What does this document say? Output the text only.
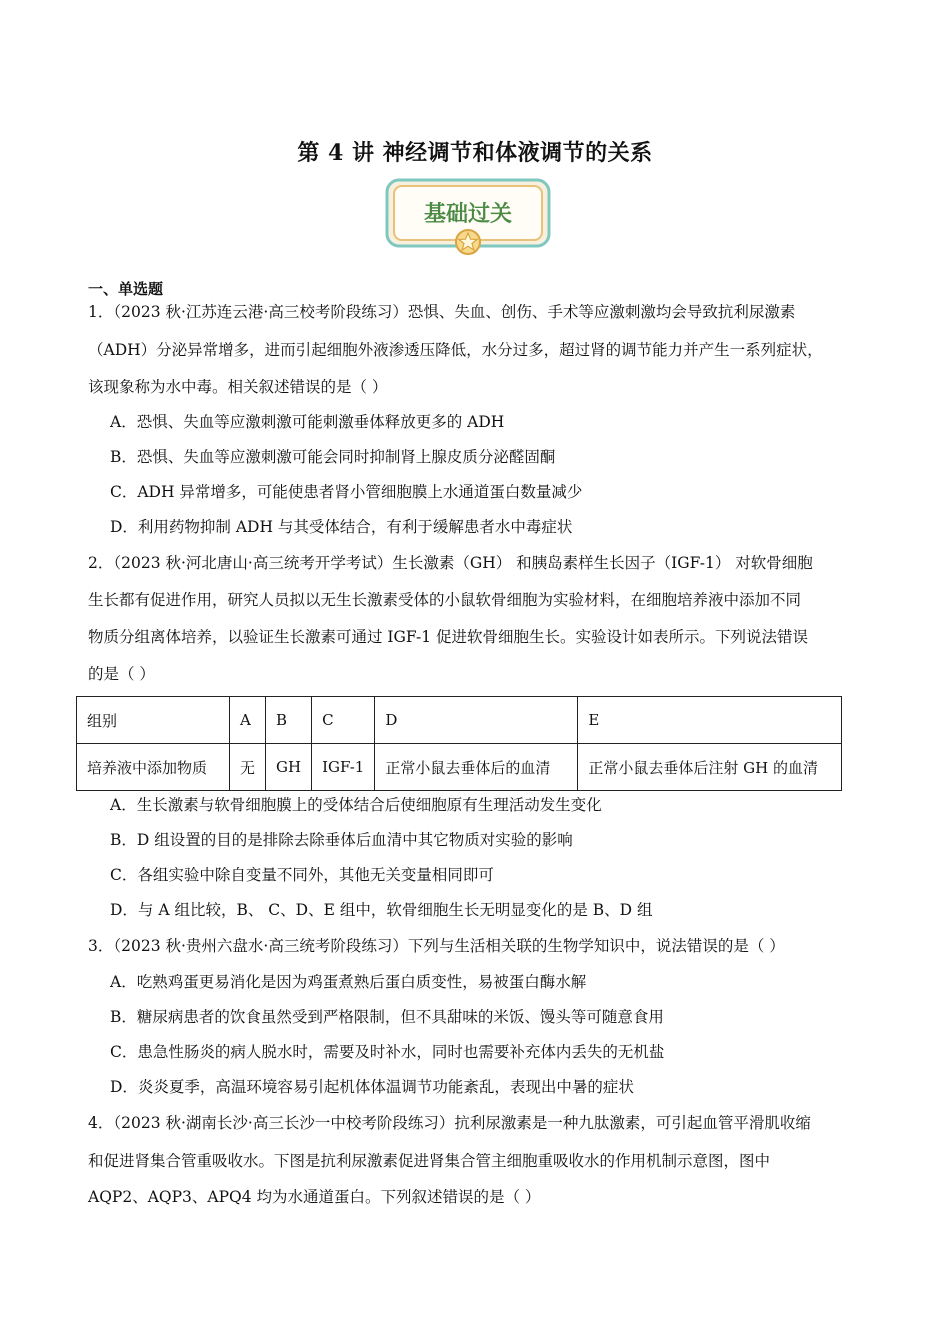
第 4 讲 神经调节和体液调节的关系
基础过关
一、单选题
1．（2023 秋·江苏连云港·高三校考阶段练习）恐惧、失血、创伤、手术等应激刺激均会导致抗利尿激素
（ADH）分泌异常增多，进而引起细胞外液渗透压降低，水分过多，超过肾的调节能力并产生一系列症状，
该现象称为水中毒。相关叙述错误的是（ ）
A．恐惧、失血等应激刺激可能刺激垂体释放更多的 ADH
B．恐惧、失血等应激刺激可能会同时抑制肾上腺皮质分泌醛固酮
C．ADH 异常增多，可能使患者肾小管细胞膜上水通道蛋白数量减少
D．利用药物抑制 ADH 与其受体结合，有利于缓解患者水中毒症状
2．（2023 秋·河北唐山·高三统考开学考试）生长激素（GH） 和胰岛素样生长因子（IGF-1） 对软骨细胞
生长都有促进作用，研究人员拟以无生长激素受体的小鼠软骨细胞为实验材料，在细胞培养液中添加不同
物质分组离体培养，以验证生长激素可通过 IGF-1 促进软骨细胞生长。实验设计如表所示。下列说法错误
的是（ ）
组别	A	B	C	D	E
培养液中添加物质	无	GH	IGF-1	正常小鼠去垂体后的血清	正常小鼠去垂体后注射 GH 的血清
A．生长激素与软骨细胞膜上的受体结合后使细胞原有生理活动发生变化
B．D 组设置的目的是排除去除垂体后血清中其它物质对实验的影响
C．各组实验中除自变量不同外，其他无关变量相同即可
D．与 A 组比较，B、 C、D、E 组中，软骨细胞生长无明显变化的是 B、D 组
3．（2023 秋·贵州六盘水·高三统考阶段练习）下列与生活相关联的生物学知识中，说法错误的是（ ）
A．吃熟鸡蛋更易消化是因为鸡蛋煮熟后蛋白质变性，易被蛋白酶水解
B．糖尿病患者的饮食虽然受到严格限制，但不具甜味的米饭、馒头等可随意食用
C．患急性肠炎的病人脱水时，需要及时补水，同时也需要补充体内丢失的无机盐
D．炎炎夏季，高温环境容易引起机体体温调节功能紊乱，表现出中暑的症状
4．（2023 秋·湖南长沙·高三长沙一中校考阶段练习）抗利尿激素是一种九肽激素，可引起血管平滑肌收缩
和促进肾集合管重吸收水。下图是抗利尿激素促进肾集合管主细胞重吸收水的作用机制示意图，图中
AQP2、AQP3、APQ4 均为水通道蛋白。下列叙述错误的是（ ）
